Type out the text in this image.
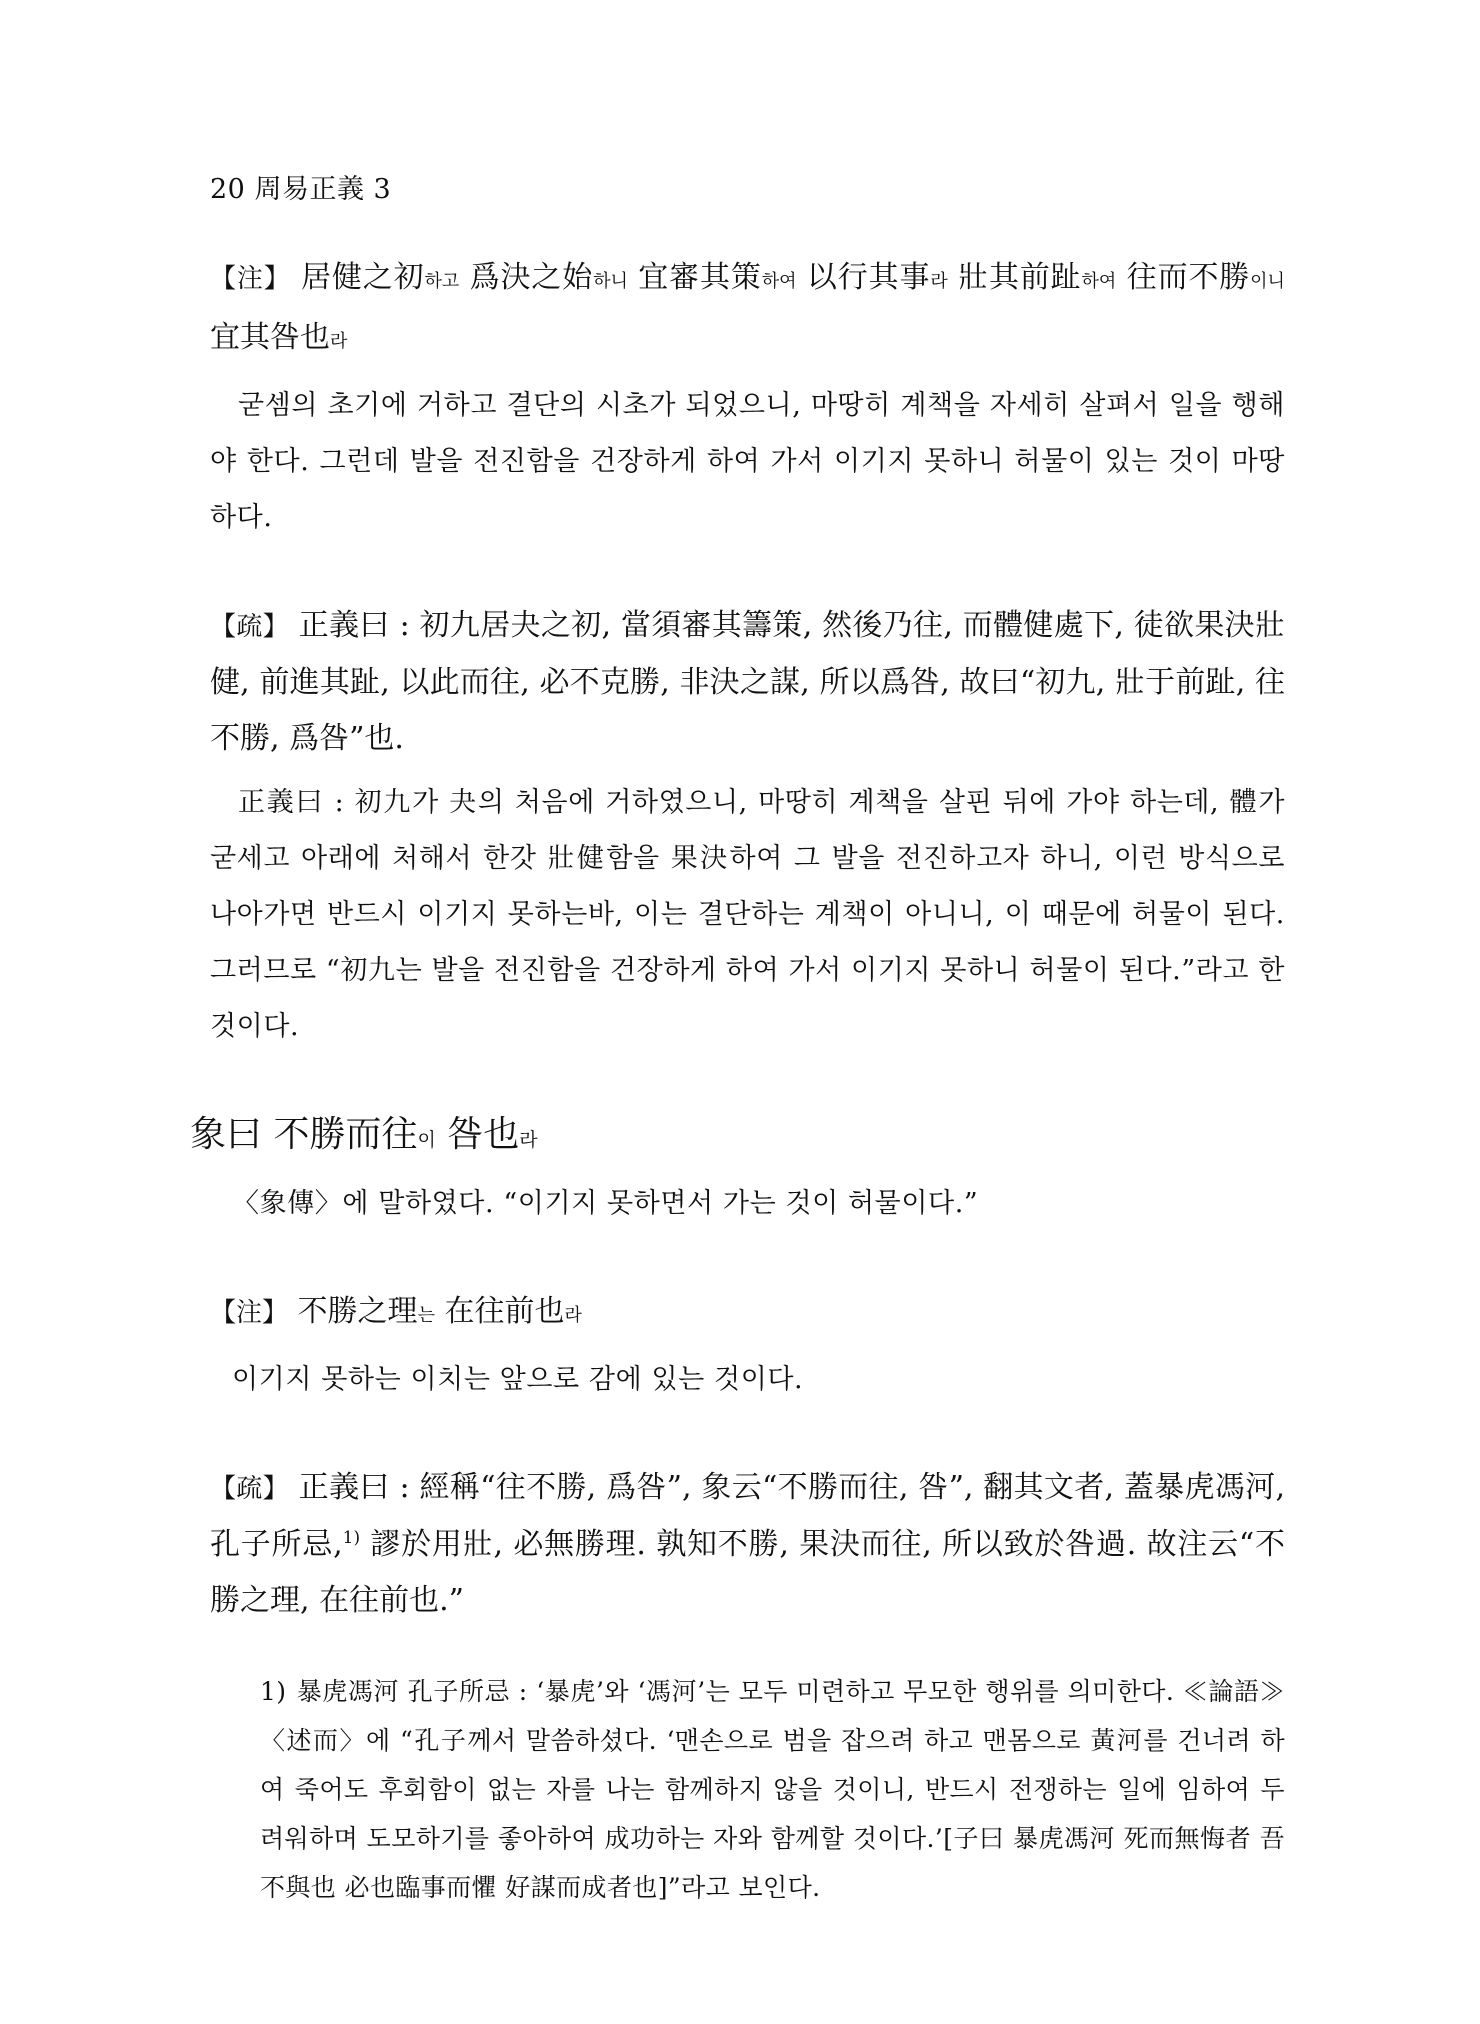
20 周易正義 3
【注】 居健之初하고 爲決之始하니 宜審其策하여 以行其事라 壯其前趾하여 往而不勝이니 宜其咎也라
굳셈의 초기에 거하고 결단의 시초가 되었으니, 마땅히 계책을 자세히 살펴서 일을 행해야 한다. 그런데 발을 전진함을 건장하게 하여 가서 이기지 못하니 허물이 있는 것이 마땅하다.
【疏】 正義曰 : 初九居夬之初, 當須審其籌策, 然後乃往, 而體健處下, 徒欲果決壯健, 前進其趾, 以此而往, 必不克勝, 非決之謀, 所以爲咎, 故曰“初九, 壯于前趾, 往不勝, 爲咎”也.
正義曰 : 初九가 夬의 처음에 거하였으니, 마땅히 계책을 살핀 뒤에 가야 하는데, 體가 굳세고 아래에 처해서 한갓 壯健함을 果決하여 그 발을 전진하고자 하니, 이런 방식으로 나아가면 반드시 이기지 못하는바, 이는 결단하는 계책이 아니니, 이 때문에 허물이 된다. 그러므로 “初九는 발을 전진함을 건장하게 하여 가서 이기지 못하니 허물이 된다.”라고 한 것이다.
象曰 不勝而往이 咎也라
〈象傳〉에 말하였다. “이기지 못하면서 가는 것이 허물이다.”
【注】 不勝之理는 在往前也라
이기지 못하는 이치는 앞으로 감에 있는 것이다.
【疏】 正義曰 : 經稱“往不勝, 爲咎”, 象云“不勝而往, 咎”, 翻其文者, 蓋暴虎馮河, 孔子所忌,$^{1)}$ 謬於用壯, 必無勝理. 孰知不勝, 果決而往, 所以致於咎過. 故注云“不勝之理, 在往前也.”
1) 暴虎馮河 孔子所忌 : ‘暴虎’와 ‘馮河’는 모두 미련하고 무모한 행위를 의미한다. ≪論語≫ 〈述而〉에 “孔子께서 말씀하셨다. ‘맨손으로 범을 잡으려 하고 맨몸으로 黃河를 건너려 하여 죽어도 후회함이 없는 자를 나는 함께하지 않을 것이니, 반드시 전쟁하는 일에 임하여 두려워하며 도모하기를 좋아하여 成功하는 자와 함께할 것이다.’[子曰 暴虎馮河 死而無悔者 吾不與也 必也臨事而懼 好謀而成者也]”라고 보인다.
